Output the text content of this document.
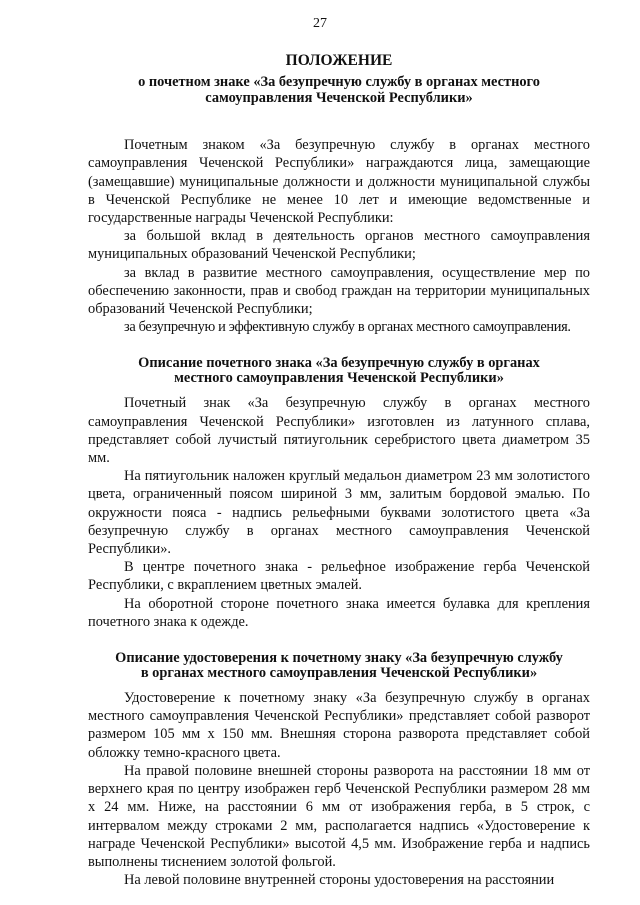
27
ПОЛОЖЕНИЕ
о почетном знаке «За безупречную службу в органах местного
самоуправления Чеченской Республики»

Почетным знаком «За безупречную службу в органах местного самоуправления Чеченской Республики» награждаются лица, замещающие (замещавшие) муниципальные должности и должности муниципальной службы в Чеченской Республике не менее 10 лет и имеющие ведомственные и государственные награды Чеченской Республики:

за большой вклад в деятельность органов местного самоуправления муниципальных образований Чеченской Республики;

за вклад в развитие местного самоуправления, осуществление мер по обеспечению законности, прав и свобод граждан на территории муниципальных образований Чеченской Республики;

за безупречную и эффективную службу в органах местного самоуправления.

Описание почетного знака «За безупречную службу в органах
местного самоуправления Чеченской Республики»

Почетный знак «За безупречную службу в органах местного самоуправления Чеченской Республики» изготовлен из латунного сплава, представляет собой лучистый пятиугольник серебристого цвета диаметром 35 мм.

На пятиугольник наложен круглый медальон диаметром 23 мм золотистого цвета, ограниченный поясом шириной 3 мм, залитым бордовой эмалью. По окружности пояса - надпись рельефными буквами золотистого цвета «За безупречную службу в органах местного самоуправления Чеченской Республики».

В центре почетного знака - рельефное изображение герба Чеченской Республики, с вкраплением цветных эмалей.

На оборотной стороне почетного знака имеется булавка для крепления почетного знака к одежде.

Описание удостоверения к почетному знаку «За безупречную службу
в органах местного самоуправления Чеченской Республики»

Удостоверение к почетному знаку «За безупречную службу в органах местного самоуправления Чеченской Республики» представляет собой разворот размером 105 мм х 150 мм. Внешняя сторона разворота представляет собой обложку темно-красного цвета.

На правой половине внешней стороны разворота на расстоянии 18 мм от верхнего края по центру изображен герб Чеченской Республики размером 28 мм х 24 мм. Ниже, на расстоянии 6 мм от изображения герба, в 5 строк, с интервалом между строками 2 мм, располагается надпись «Удостоверение к награде Чеченской Республики» высотой 4,5 мм. Изображение герба и надпись выполнены тиснением золотой фольгой.

На левой половине внутренней стороны удостоверения на расстоянии
